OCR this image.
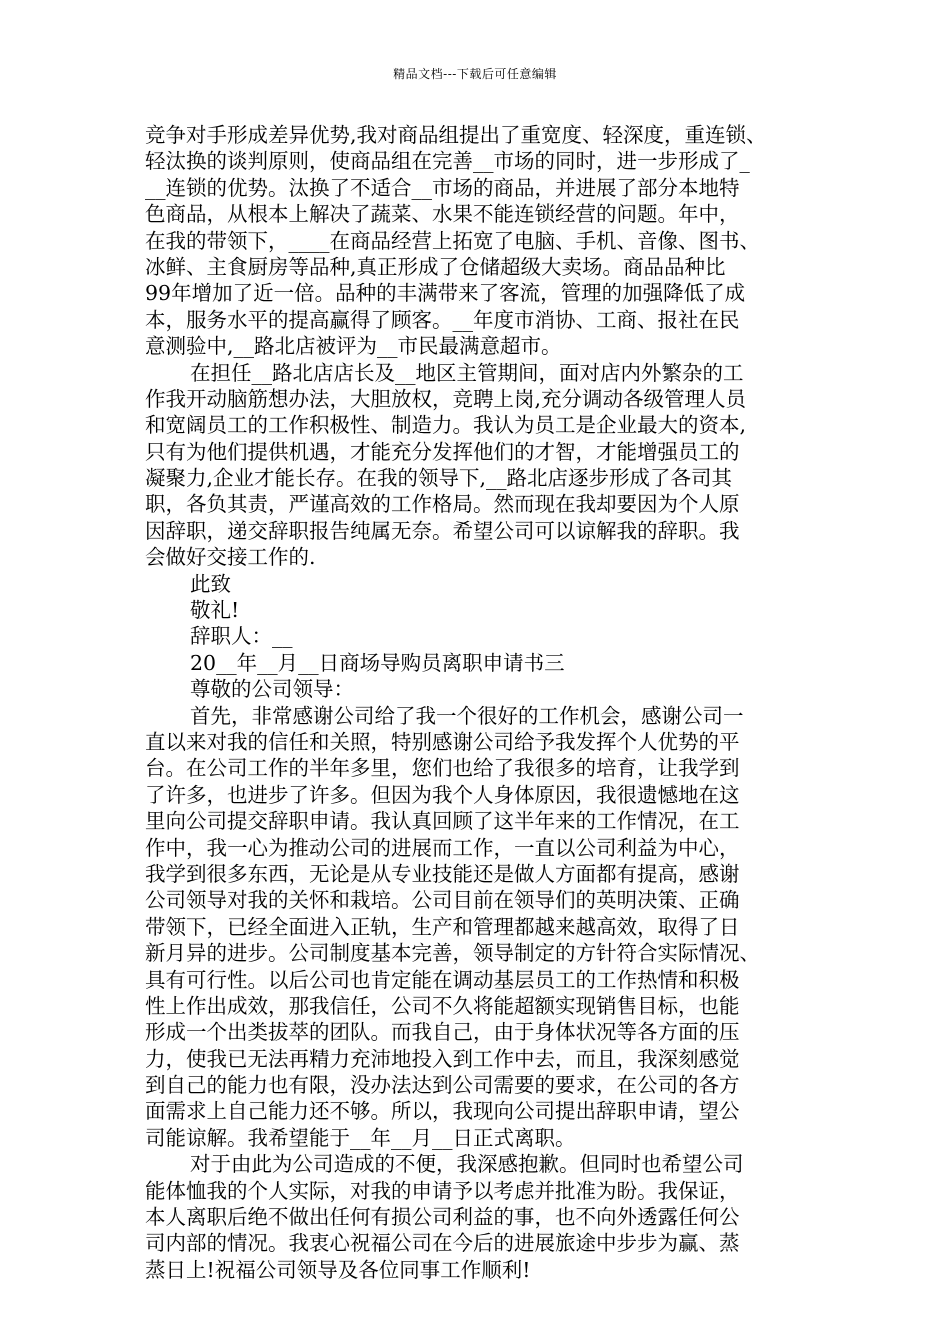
精品文档---下载后可任意编辑
竞争对手形成差异优势,我对商品组提出了重宽度、轻深度，重连锁、
轻汰换的谈判原则，使商品组在完善__市场的同时，进一步形成了_
__连锁的优势。汰换了不适合__市场的商品，并进展了部分本地特
色商品，从根本上解决了蔬菜、水果不能连锁经营的问题。年中，
在我的带领下，____在商品经营上拓宽了电脑、手机、音像、图书、
冰鲜、主食厨房等品种,真正形成了仓储超级大卖场。商品品种比
99年增加了近一倍。品种的丰满带来了客流，管理的加强降低了成
本，服务水平的提高赢得了顾客。__年度市消协、工商、报社在民
意测验中,__路北店被评为__市民最满意超市。
在担任__路北店店长及__地区主管期间，面对店内外繁杂的工
作我开动脑筋想办法，大胆放权，竞聘上岗,充分调动各级管理人员
和宽阔员工的工作积极性、制造力。我认为员工是企业最大的资本,
只有为他们提供机遇，才能充分发挥他们的才智，才能增强员工的
凝聚力,企业才能长存。在我的领导下,__路北店逐步形成了各司其
职，各负其责，严谨高效的工作格局。然而现在我却要因为个人原
因辞职，递交辞职报告纯属无奈。希望公司可以谅解我的辞职。我
会做好交接工作的.
此致
敬礼!
辞职人：__
20__年__月__日商场导购员离职申请书三
尊敬的公司领导：
首先，非常感谢公司给了我一个很好的工作机会，感谢公司一
直以来对我的信任和关照，特别感谢公司给予我发挥个人优势的平
台。在公司工作的半年多里，您们也给了我很多的培育，让我学到
了许多，也进步了许多。但因为我个人身体原因，我很遗憾地在这
里向公司提交辞职申请。我认真回顾了这半年来的工作情况，在工
作中，我一心为推动公司的进展而工作，一直以公司利益为中心，
我学到很多东西，无论是从专业技能还是做人方面都有提高，感谢
公司领导对我的关怀和栽培。公司目前在领导们的英明决策、正确
带领下，已经全面进入正轨，生产和管理都越来越高效，取得了日
新月异的进步。公司制度基本完善，领导制定的方针符合实际情况、
具有可行性。以后公司也肯定能在调动基层员工的工作热情和积极
性上作出成效，那我信任，公司不久将能超额实现销售目标，也能
形成一个出类拔萃的团队。而我自己，由于身体状况等各方面的压
力，使我已无法再精力充沛地投入到工作中去，而且，我深刻感觉
到自己的能力也有限，没办法达到公司需要的要求，在公司的各方
面需求上自己能力还不够。所以，我现向公司提出辞职申请，望公
司能谅解。我希望能于__年__月__日正式离职。
对于由此为公司造成的不便，我深感抱歉。但同时也希望公司
能体恤我的个人实际，对我的申请予以考虑并批准为盼。我保证，
本人离职后绝不做出任何有损公司利益的事，也不向外透露任何公
司内部的情况。我衷心祝福公司在今后的进展旅途中步步为赢、蒸
蒸日上!祝福公司领导及各位同事工作顺利!
